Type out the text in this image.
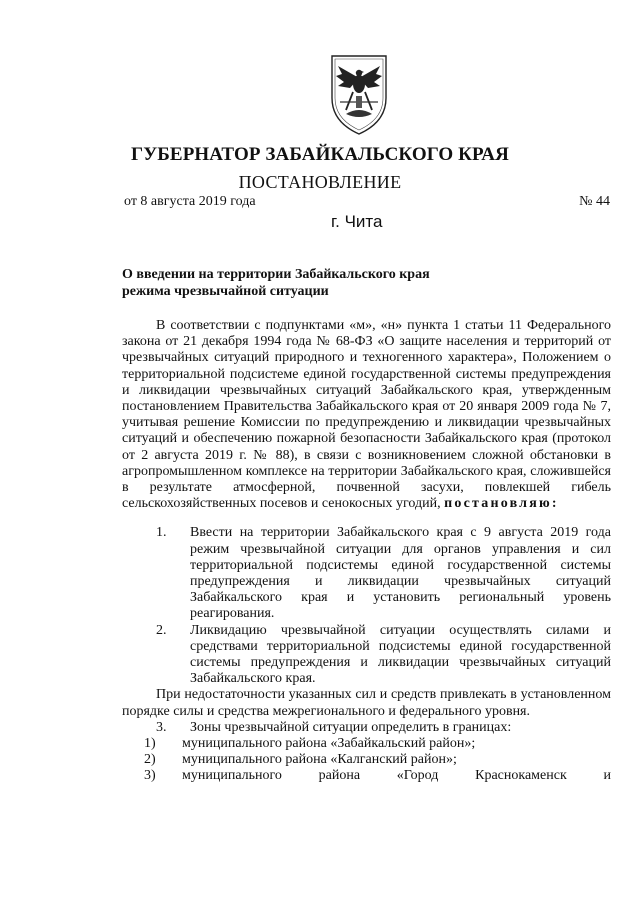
ГУБЕРНАТОР ЗАБАЙКАЛЬСКОГО КРАЯ
ПОСТАНОВЛЕНИЕ
от 8 августа 2019 года	№ 44
г. Чита
О введении на территории Забайкальского края
режима чрезвычайной ситуации

В соответствии с подпунктами «м», «н» пункта 1 статьи 11 Федерального закона от 21 декабря 1994 года № 68-ФЗ «О защите населения и территорий от чрезвычайных ситуаций природного и техногенного характера», Положением о территориальной подсистеме единой государственной системы предупреждения и ликвидации чрезвычайных ситуаций Забайкальского края, утвержденным постановлением Правительства Забайкальского края от 20 января 2009 года № 7, учитывая решение Комиссии по предупреждению и ликвидации чрезвычайных ситуаций и обеспечению пожарной безопасности Забайкальского края (протокол от 2 августа 2019 г. № 88), в связи с возникновением сложной обстановки в агропромышленном комплексе на территории Забайкальского края, сложившейся в результате атмосферной, почвенной засухи, повлекшей гибель сельскохозяйственных посевов и сенокосных угодий, постановляю:

1.	Ввести на территории Забайкальского края с 9 августа 2019 года режим чрезвычайной ситуации для органов управления и сил территориальной подсистемы единой государственной системы предупреждения и ликвидации чрезвычайных ситуаций Забайкальского края и установить региональный уровень реагирования.

2.	Ликвидацию чрезвычайной ситуации осуществлять силами и средствами территориальной подсистемы единой государственной системы предупреждения и ликвидации чрезвычайных ситуаций Забайкальского края.

При недостаточности указанных сил и средств привлекать в установленном порядке силы и средства межрегионального и федерального уровня.

3.	Зоны чрезвычайной ситуации определить в границах:

1)	муниципального района «Забайкальский район»;

2)	муниципального района «Калганский район»;

3)	муниципального района «Город Краснокаменск и
